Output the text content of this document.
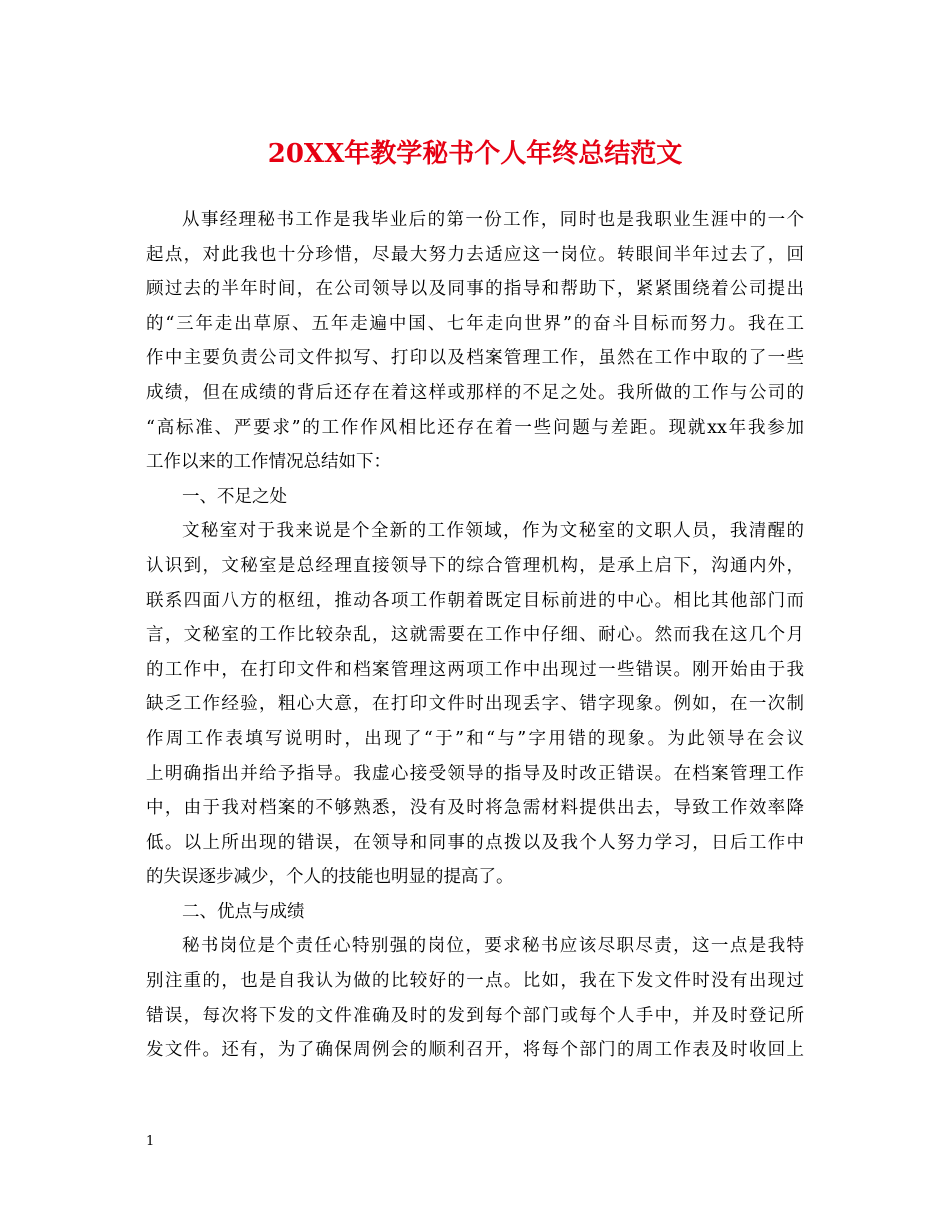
20XX年教学秘书个人年终总结范文
从事经理秘书工作是我毕业后的第一份工作，同时也是我职业生涯中的一个
起点，对此我也十分珍惜，尽最大努力去适应这一岗位。转眼间半年过去了，回
顾过去的半年时间，在公司领导以及同事的指导和帮助下，紧紧围绕着公司提出
的“三年走出草原、五年走遍中国、七年走向世界”的奋斗目标而努力。我在工
作中主要负责公司文件拟写、打印以及档案管理工作，虽然在工作中取的了一些
成绩，但在成绩的背后还存在着这样或那样的不足之处。我所做的工作与公司的
“高标准、严要求”的工作作风相比还存在着一些问题与差距。现就xx年我参加
工作以来的工作情况总结如下：
一、不足之处
文秘室对于我来说是个全新的工作领域，作为文秘室的文职人员，我清醒的
认识到，文秘室是总经理直接领导下的综合管理机构，是承上启下，沟通内外，
联系四面八方的枢纽，推动各项工作朝着既定目标前进的中心。相比其他部门而
言，文秘室的工作比较杂乱，这就需要在工作中仔细、耐心。然而我在这几个月
的工作中，在打印文件和档案管理这两项工作中出现过一些错误。刚开始由于我
缺乏工作经验，粗心大意，在打印文件时出现丢字、错字现象。例如，在一次制
作周工作表填写说明时，出现了“于”和“与”字用错的现象。为此领导在会议
上明确指出并给予指导。我虚心接受领导的指导及时改正错误。在档案管理工作
中，由于我对档案的不够熟悉，没有及时将急需材料提供出去，导致工作效率降
低。以上所出现的错误，在领导和同事的点拨以及我个人努力学习，日后工作中
的失误逐步减少，个人的技能也明显的提高了。
二、优点与成绩
秘书岗位是个责任心特别强的岗位，要求秘书应该尽职尽责，这一点是我特
别注重的，也是自我认为做的比较好的一点。比如，我在下发文件时没有出现过
错误，每次将下发的文件准确及时的发到每个部门或每个人手中，并及时登记所
发文件。还有，为了确保周例会的顺利召开，将每个部门的周工作表及时收回上
1
